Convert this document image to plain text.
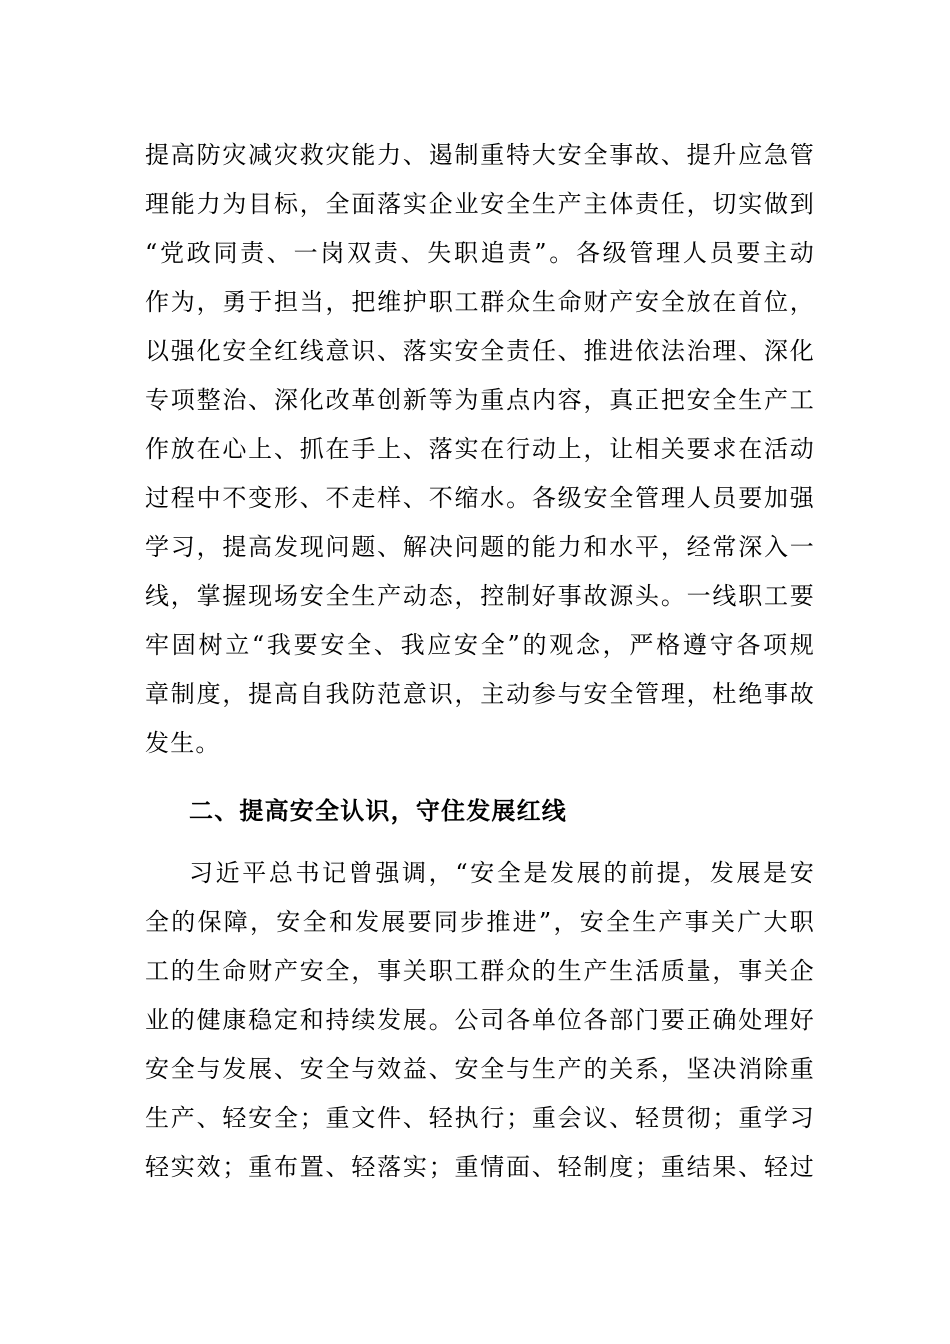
提高防灾减灾救灾能力、遏制重特大安全事故、提升应急管
理能力为目标，全面落实企业安全生产主体责任，切实做到
“党政同责、一岗双责、失职追责”。各级管理人员要主动
作为，勇于担当，把维护职工群众生命财产安全放在首位，
以强化安全红线意识、落实安全责任、推进依法治理、深化
专项整治、深化改革创新等为重点内容，真正把安全生产工
作放在心上、抓在手上、落实在行动上，让相关要求在活动
过程中不变形、不走样、不缩水。各级安全管理人员要加强
学习，提高发现问题、解决问题的能力和水平，经常深入一
线，掌握现场安全生产动态，控制好事故源头。一线职工要
牢固树立“我要安全、我应安全”的观念，严格遵守各项规
章制度，提高自我防范意识，主动参与安全管理，杜绝事故
发生。
二、提高安全认识，守住发展红线
习近平总书记曾强调，“安全是发展的前提，发展是安
全的保障，安全和发展要同步推进”，安全生产事关广大职
工的生命财产安全，事关职工群众的生产生活质量，事关企
业的健康稳定和持续发展。公司各单位各部门要正确处理好
安全与发展、安全与效益、安全与生产的关系，坚决消除重
生产、轻安全；重文件、轻执行；重会议、轻贯彻；重学习
轻实效；重布置、轻落实；重情面、轻制度；重结果、轻过
